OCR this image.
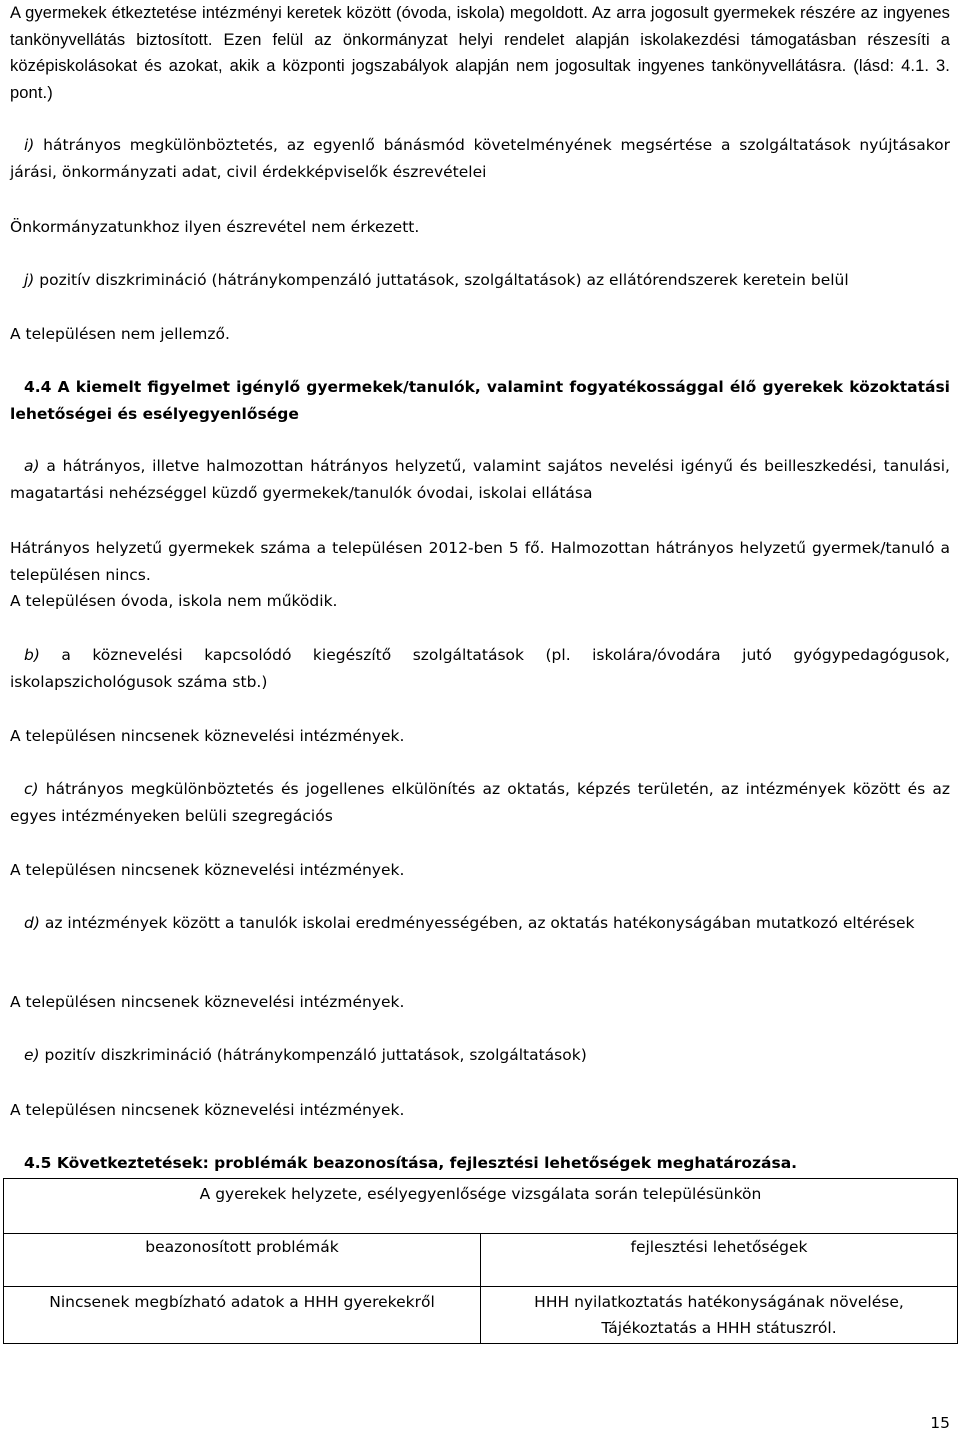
A gyermekek étkeztetése intézményi keretek között (óvoda, iskola) megoldott. Az arra jogosult gyermekek részére az ingyenes tankönyvellátás biztosított. Ezen felül az önkormányzat helyi rendelet alapján iskolakezdési támogatásban részesíti a középiskolásokat és azokat, akik a központi jogszabályok alapján nem jogosultak ingyenes tankönyvellátásra. (lásd: 4.1. 3. pont.)

i) hátrányos megkülönböztetés, az egyenlő bánásmód követelményének megsértése a szolgáltatások nyújtásakor járási, önkormányzati adat, civil érdekképviselők észrevételei

Önkormányzatunkhoz ilyen észrevétel nem érkezett.

j) pozitív diszkrimináció (hátránykompenzáló juttatások, szolgáltatások) az ellátórendszerek keretein belül

A településen nem jellemző.

4.4 A kiemelt figyelmet igénylő gyermekek/tanulók, valamint fogyatékossággal élő gyerekek közoktatási lehetőségei és esélyegyenlősége

a) a hátrányos, illetve halmozottan hátrányos helyzetű, valamint sajátos nevelési igényű és beilleszkedési, tanulási, magatartási nehézséggel küzdő gyermekek/tanulók óvodai, iskolai ellátása

Hátrányos helyzetű gyermekek száma a településen 2012-ben 5 fő. Halmozottan hátrányos helyzetű gyermek/tanuló a településen nincs.

A településen óvoda, iskola nem működik.

b) a köznevelési kapcsolódó kiegészítő szolgáltatások (pl. iskolára/óvodára jutó gyógypedagógusok, iskolapszichológusok száma stb.)

A településen nincsenek köznevelési intézmények.

c) hátrányos megkülönböztetés és jogellenes elkülönítés az oktatás, képzés területén, az intézmények között és az egyes intézményeken belüli szegregációs

A településen nincsenek köznevelési intézmények.

d) az intézmények között a tanulók iskolai eredményességében, az oktatás hatékonyságában mutatkozó eltérések

A településen nincsenek köznevelési intézmények.

e) pozitív diszkrimináció (hátránykompenzáló juttatások, szolgáltatások)

A településen nincsenek köznevelési intézmények.

4.5 Következtetések: problémák beazonosítása, fejlesztési lehetőségek meghatározása.

A gyerekek helyzete, esélyegyenlősége vizsgálata során településünkön	
beazonosított problémák	fejlesztési lehetőségek
Nincsenek megbízható adatok a HHH gyerekekről	HHH nyilatkoztatás hatékonyságának növelése,
Tájékoztatás a HHH státuszról.
15
